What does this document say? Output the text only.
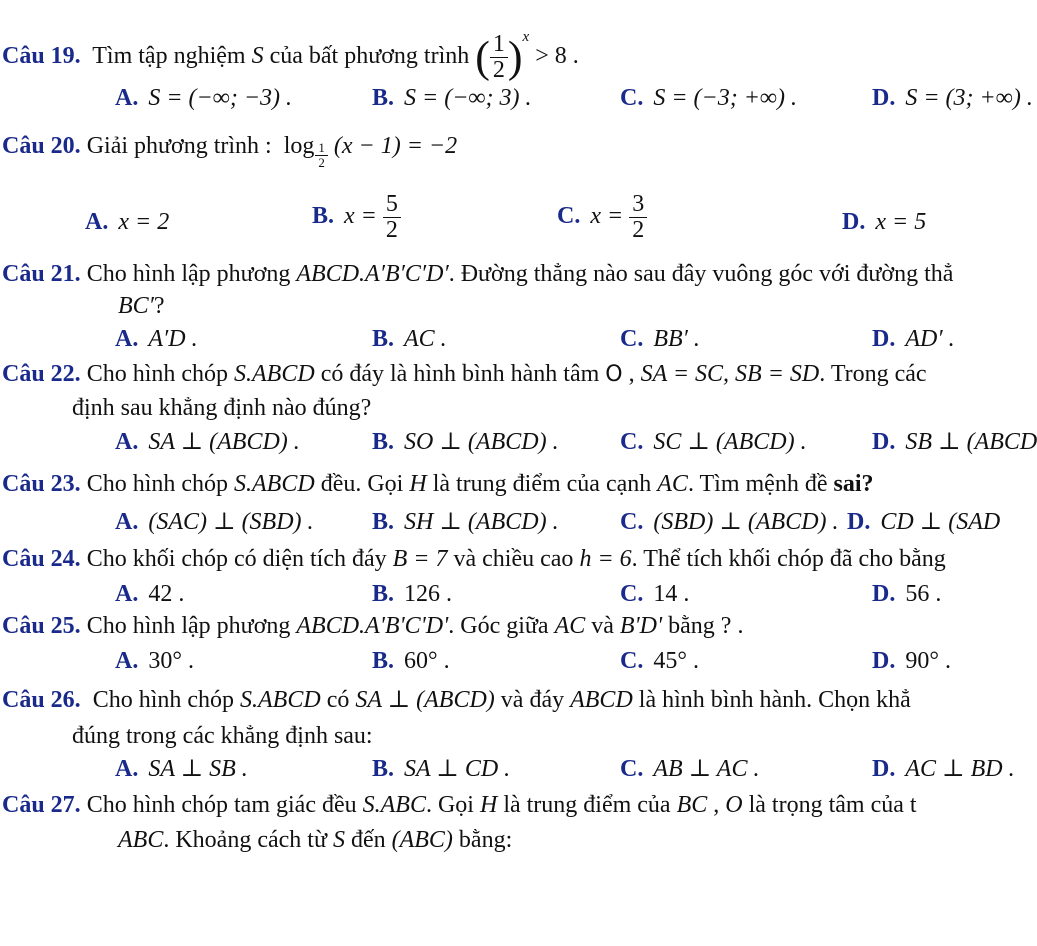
Câu 19. Tìm tập nghiệm S của bất phương trình ( $\frac{1}{2} )^x > 8$ .
A. S = (−∞; −3) .	B. S = (−∞; 3) .	C. S = (−3; +∞) .	D. S = (3; +∞) .
Câu 20. Giải phương trình : $\log \frac{1}{2} (x - 1) = -2$
A. x = 2	B. $x = \frac{5}{2}$	C. $x = \frac{3}{2}$	D. x = 5
Câu 21. Cho hình lập phương ABCD.A′B′C′D′. Đường thẳng nào sau đây vuông góc với đường thẳ
BC′?
A. A′D .	B. AC .	C. BB′ .	D. AD′ .
Câu 22. Cho hình chóp S.ABCD có đáy là hình bình hành tâm O , SA = SC, SB = SD. Trong các
định sau khẳng định nào đúng?
A. SA ⊥ (ABCD) .	B. SO ⊥ (ABCD) .	C. SC ⊥ (ABCD) .	D. SB ⊥ (ABCD
Câu 23. Cho hình chóp S.ABCD đều. Gọi H là trung điểm của cạnh AC. Tìm mệnh đề sai?
A. (SAC) ⊥ (SBD) . B. SH ⊥ (ABCD) .	C. (SBD) ⊥ (ABCD) . D. CD ⊥ (SAD
Câu 24. Cho khối chóp có diện tích đáy B = 7 và chiều cao h = 6. Thể tích khối chóp đã cho bằng
A. 42 .	B. 126 .	C. 14 .	D. 56 .
Câu 25. Cho hình lập phương ABCD.A'B'C'D'. Góc giữa AC và B'D' bằng ? .
A. 30° .	B. 60° .	C. 45° .	D. 90° .
Câu 26. Cho hình chóp S.ABCD có SA ⊥ (ABCD) và đáy ABCD là hình bình hành. Chọn khẳ
đúng trong các khẳng định sau:
A. SA ⊥ SB .	B. SA ⊥ CD .	C. AB ⊥ AC .	D. AC ⊥ BD .
Câu 27. Cho hình chóp tam giác đều S.ABC. Gọi H là trung điểm của BC , O là trọng tâm của t
ABC. Khoảng cách từ S đến (ABC) bằng:
